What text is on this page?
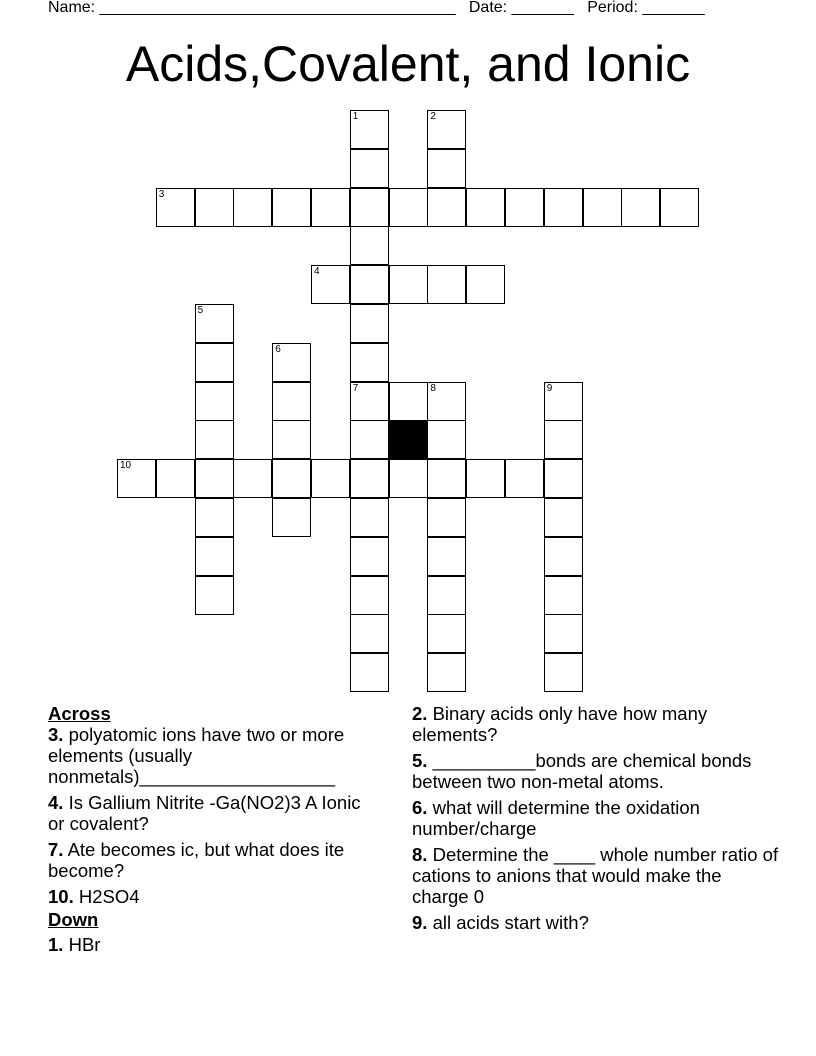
Name: ________________________________________ Date: _______ Period: _______
Acids,Covalent, and Ionic
1	2
3
4
5
6
7	8	9
10

Across

3. polyatomic ions have two or more elements (usually nonmetals)___________________

4. Is Gallium Nitrite -Ga(NO2)3 A Ionic or covalent?

7. Ate becomes ic, but what does ite become?

10. H2SO4

Down

1. HBr

2. Binary acids only have how many elements?

5. __________bonds are chemical bonds between two non-metal atoms.

6. what will determine the oxidation number/charge

8. Determine the ____ whole number ratio of cations to anions that would make the charge 0

9. all acids start with?
